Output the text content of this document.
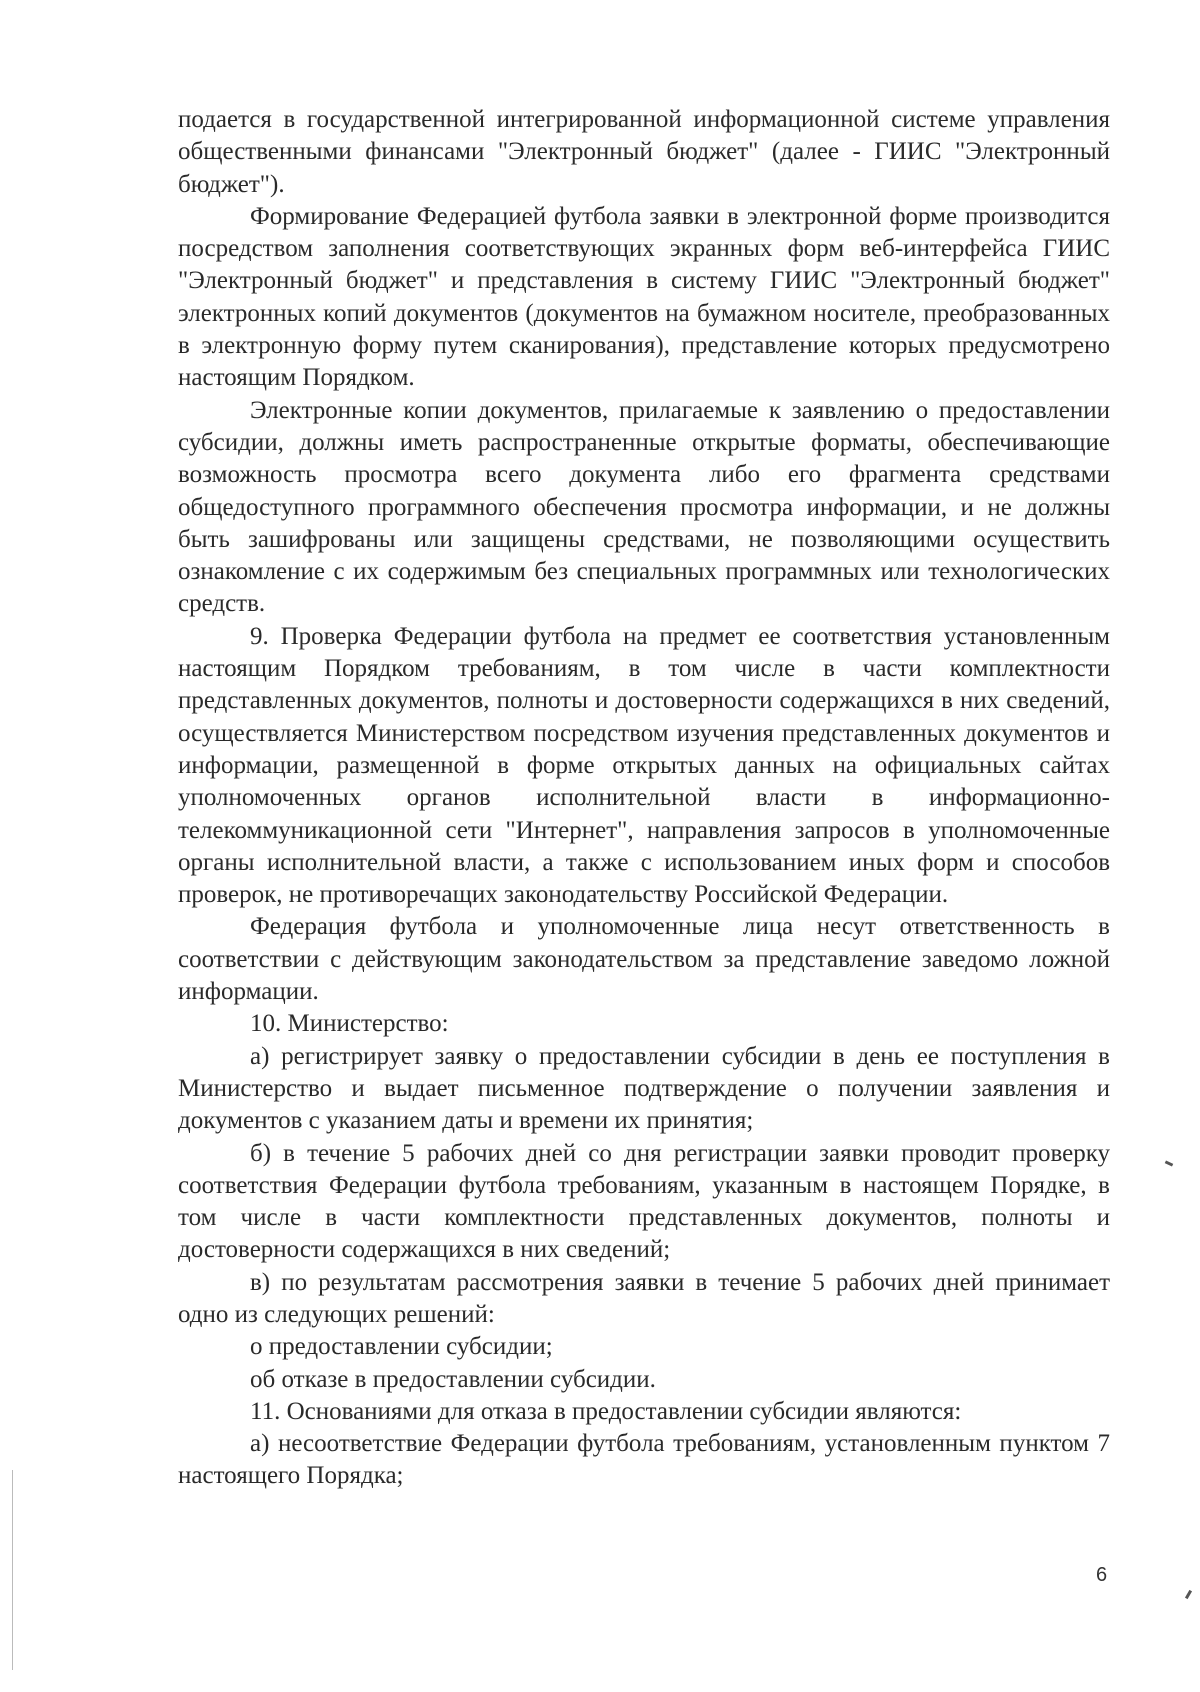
подается в государственной интегрированной информационной системе управления общественными финансами "Электронный бюджет" (далее - ГИИС "Электронный бюджет").

Формирование Федерацией футбола заявки в электронной форме производится посредством заполнения соответствующих экранных форм веб-интерфейса ГИИС "Электронный бюджет" и представления в систему ГИИС "Электронный бюджет" электронных копий документов (документов на бумажном носителе, преобразованных в электронную форму путем сканирования), представление которых предусмотрено настоящим Порядком.

Электронные копии документов, прилагаемые к заявлению о предоставлении субсидии, должны иметь распространенные открытые форматы, обеспечивающие возможность просмотра всего документа либо его фрагмента средствами общедоступного программного обеспечения просмотра информации, и не должны быть зашифрованы или защищены средствами, не позволяющими осуществить ознакомление с их содержимым без специальных программных или технологических средств.

9. Проверка Федерации футбола на предмет ее соответствия установленным настоящим Порядком требованиям, в том числе в части комплектности представленных документов, полноты и достоверности содержащихся в них сведений, осуществляется Министерством посредством изучения представленных документов и информации, размещенной в форме открытых данных на официальных сайтах уполномоченных органов исполнительной власти в информационно-телекоммуникационной сети "Интернет", направления запросов в уполномоченные органы исполнительной власти, а также с использованием иных форм и способов проверок, не противоречащих законодательству Российской Федерации.

Федерация футбола и уполномоченные лица несут ответственность в соответствии с действующим законодательством за представление заведомо ложной информации.

10. Министерство:

а) регистрирует заявку о предоставлении субсидии в день ее поступления в Министерство и выдает письменное подтверждение о получении заявления и документов с указанием даты и времени их принятия;

б) в течение 5 рабочих дней со дня регистрации заявки проводит проверку соответствия Федерации футбола требованиям, указанным в настоящем Порядке, в том числе в части комплектности представленных документов, полноты и достоверности содержащихся в них сведений;

в) по результатам рассмотрения заявки в течение 5 рабочих дней принимает одно из следующих решений:

о предоставлении субсидии;

об отказе в предоставлении субсидии.

11. Основаниями для отказа в предоставлении субсидии являются:

а) несоответствие Федерации футбола требованиям, установленным пунктом 7 настоящего Порядка;

6
